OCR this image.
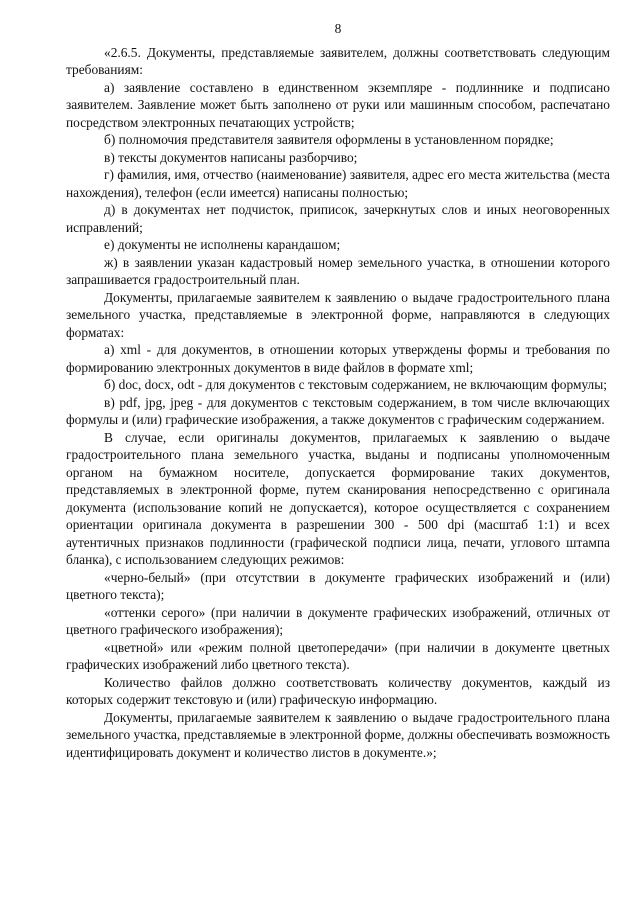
8

«2.6.5. Документы, представляемые заявителем, должны соответствовать следующим требованиям:

а) заявление составлено в единственном экземпляре - подлиннике и подписано заявителем. Заявление может быть заполнено от руки или машинным способом, распечатано посредством электронных печатающих устройств;

б) полномочия представителя заявителя оформлены в установленном порядке;

в) тексты документов написаны разборчиво;

г) фамилия, имя, отчество (наименование) заявителя, адрес его места жительства (места нахождения), телефон (если имеется) написаны полностью;

д) в документах нет подчисток, приписок, зачеркнутых слов и иных неоговоренных исправлений;

е) документы не исполнены карандашом;

ж) в заявлении указан кадастровый номер земельного участка, в отношении которого запрашивается градостроительный план.

Документы, прилагаемые заявителем к заявлению о выдаче градостроительного плана земельного участка, представляемые в электронной форме, направляются в следующих форматах:

а) xml - для документов, в отношении которых утверждены формы и требования по формированию электронных документов в виде файлов в формате xml;

б) doc, docx, odt - для документов с текстовым содержанием, не включающим формулы;

в) pdf, jpg, jpeg - для документов с текстовым содержанием, в том числе включающих формулы и (или) графические изображения, а также документов с графическим содержанием.

В случае, если оригиналы документов, прилагаемых к заявлению о выдаче градостроительного плана земельного участка, выданы и подписаны уполномоченным органом на бумажном носителе, допускается формирование таких документов, представляемых в электронной форме, путем сканирования непосредственно с оригинала документа (использование копий не допускается), которое осуществляется с сохранением ориентации оригинала документа в разрешении 300 - 500 dpi (масштаб 1:1) и всех аутентичных признаков подлинности (графической подписи лица, печати, углового штампа бланка), с использованием следующих режимов:

«черно-белый» (при отсутствии в документе графических изображений и (или) цветного текста);

«оттенки серого» (при наличии в документе графических изображений, отличных от цветного графического изображения);

«цветной» или «режим полной цветопередачи» (при наличии в документе цветных графических изображений либо цветного текста).

Количество файлов должно соответствовать количеству документов, каждый из которых содержит текстовую и (или) графическую информацию.

Документы, прилагаемые заявителем к заявлению о выдаче градостроительного плана земельного участка, представляемые в электронной форме, должны обеспечивать возможность идентифицировать документ и количество листов в документе.»;
